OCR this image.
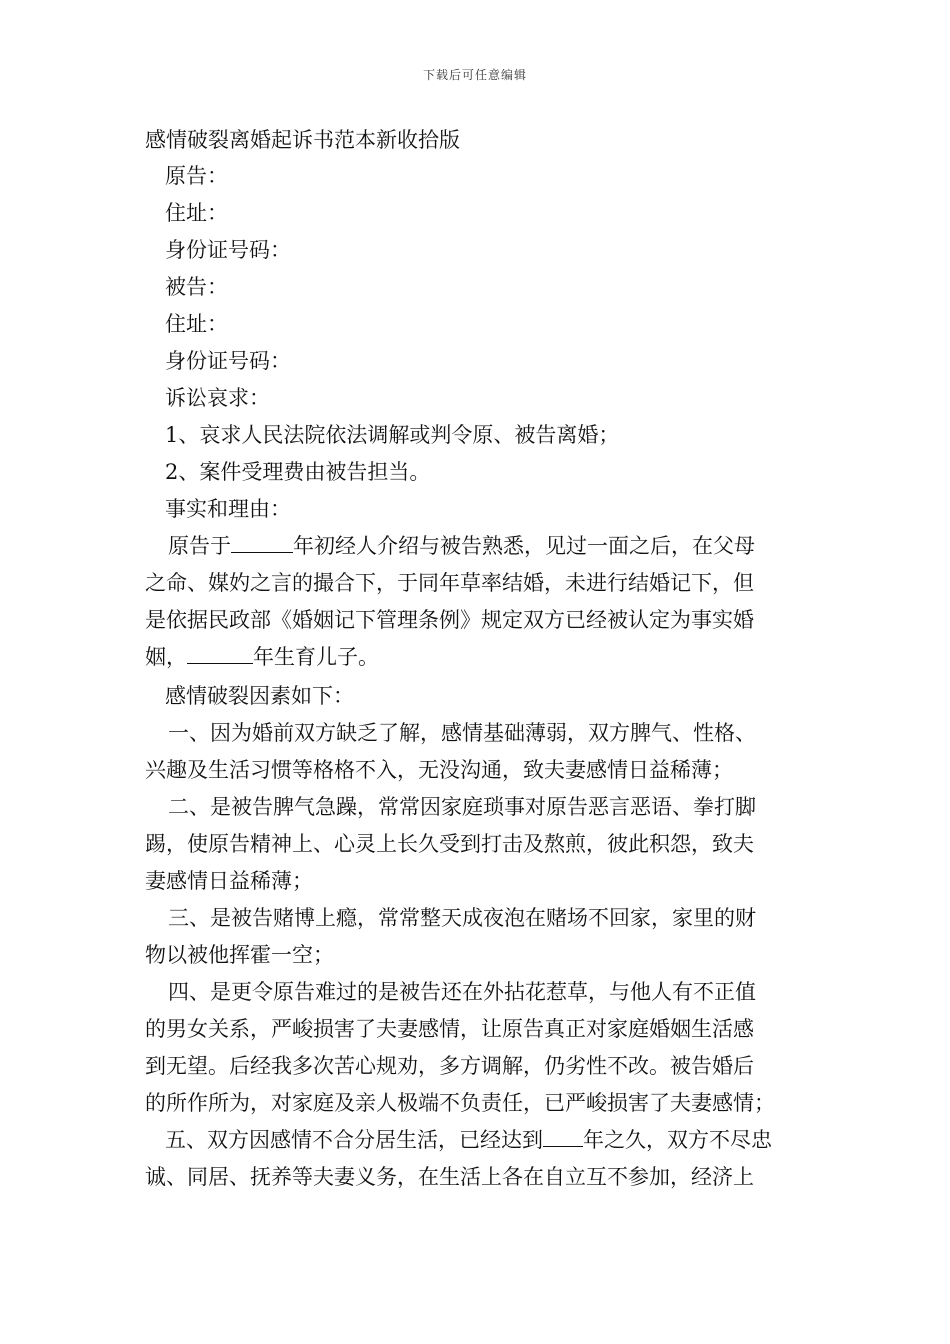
下载后可任意编辑
感情破裂离婚起诉书范本新收拾版
原告：
住址：
身份证号码：
被告：
住址：
身份证号码：
诉讼哀求：
1、哀求人民法院依法调解或判令原、被告离婚；
2、案件受理费由被告担当。
事实和理由：
原告于	年初经人介绍与被告熟悉，见过一面之后，在父母
之命、媒妁之言的撮合下，于同年草率结婚，未进行结婚记下，但
是依据民政部《婚姻记下管理条例》规定双方已经被认定为事实婚
姻，	年生育儿子。
感情破裂因素如下：
一、因为婚前双方缺乏了解，感情基础薄弱，双方脾气、性格、
兴趣及生活习惯等格格不入，无没沟通，致夫妻感情日益稀薄；
二、是被告脾气急躁，常常因家庭琐事对原告恶言恶语、拳打脚
踢，使原告精神上、心灵上长久受到打击及熬煎，彼此积怨，致夫
妻感情日益稀薄；
三、是被告赌博上瘾，常常整天成夜泡在赌场不回家，家里的财
物以被他挥霍一空；
四、是更令原告难过的是被告还在外拈花惹草，与他人有不正值
的男女关系，严峻损害了夫妻感情，让原告真正对家庭婚姻生活感
到无望。后经我多次苦心规劝，多方调解，仍劣性不改。被告婚后
的所作所为，对家庭及亲人极端不负责任，已严峻损害了夫妻感情；
五、双方因感情不合分居生活，已经达到 年之久，双方不尽忠
诚、同居、抚养等夫妻义务，在生活上各在自立互不参加，经济上
